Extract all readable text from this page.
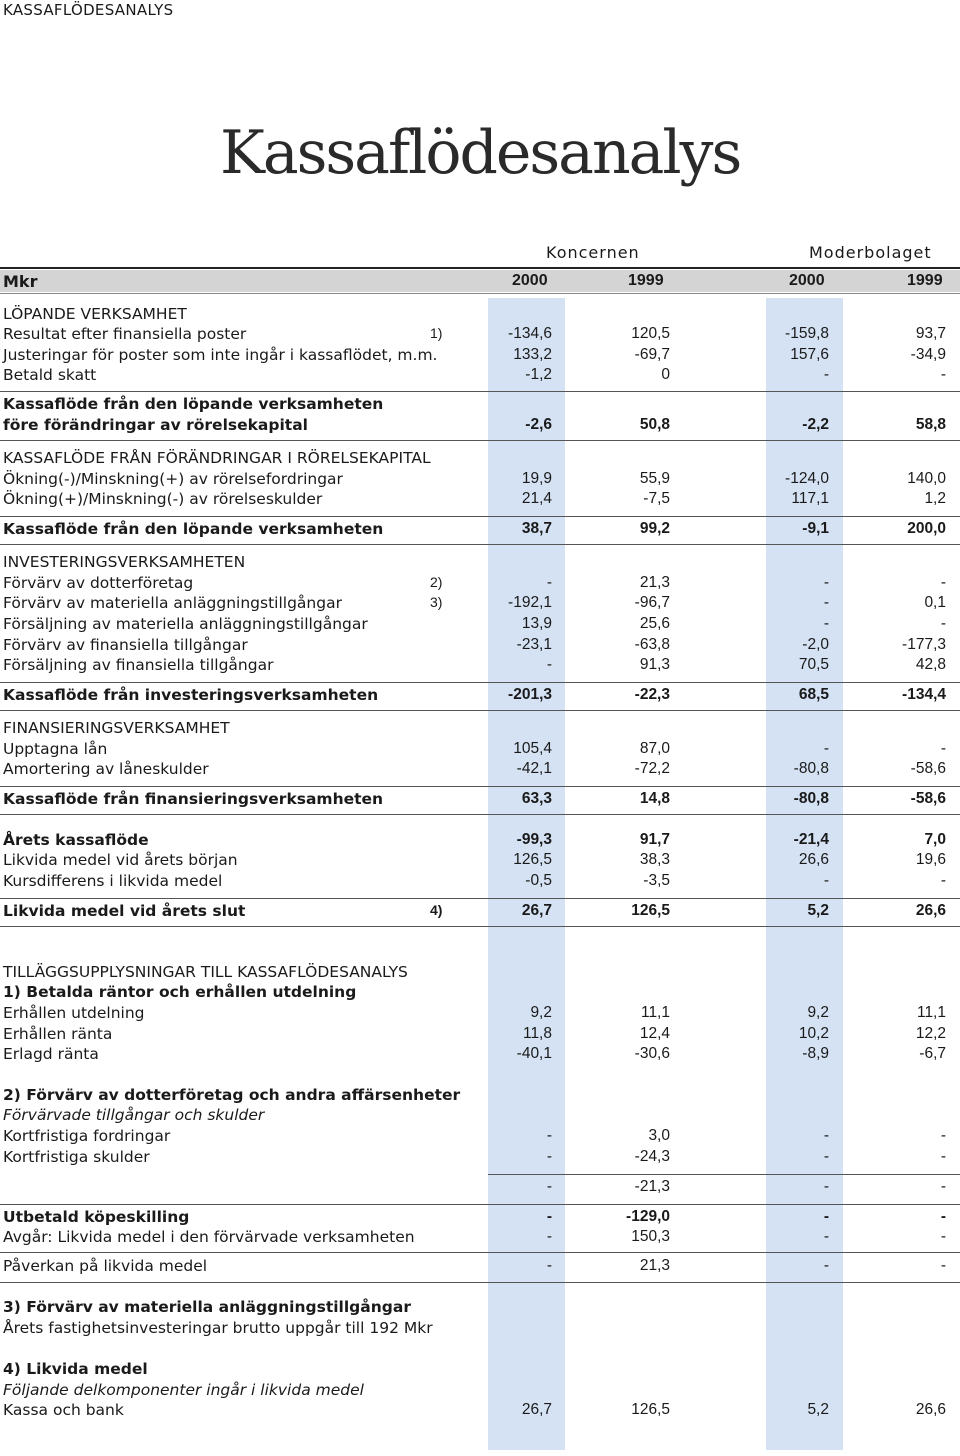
KASSAFLÖDESANALYS
Kassaflödesanalys
Koncernen	Moderbolaget
Mkr	2000	1999	2000	1999
LÖPANDE VERKSAMHET
Resultat efter finansiella poster	1)	-134,6	120,5	-159,8	93,7
Justeringar för poster som inte ingår i kassaflödet, m.m.	133,2	-69,7	157,6	-34,9
Betald skatt	-1,2	0	-	-
Kassaflöde från den löpande verksamheten
före förändringar av rörelsekapital	-2,6	50,8	-2,2	58,8
KASSAFLÖDE FRÅN FÖRÄNDRINGAR I RÖRELSEKAPITAL
Ökning(-)/Minskning(+) av rörelsefordringar	19,9	55,9	-124,0	140,0
Ökning(+)/Minskning(-) av rörelseskulder	21,4	-7,5	117,1	1,2
Kassaflöde från den löpande verksamheten	38,7	99,2	-9,1	200,0
INVESTERINGSVERKSAMHETEN
Förvärv av dotterföretag	2)	-	21,3	-	-
Förvärv av materiella anläggningstillgångar	3)	-192,1	-96,7	-	0,1
Försäljning av materiella anläggningstillgångar	13,9	25,6	-	-
Förvärv av finansiella tillgångar	-23,1	-63,8	-2,0	-177,3
Försäljning av finansiella tillgångar	-	91,3	70,5	42,8
Kassaflöde från investeringsverksamheten	-201,3	-22,3	68,5	-134,4
FINANSIERINGSVERKSAMHET
Upptagna lån	105,4	87,0	-	-
Amortering av låneskulder	-42,1	-72,2	-80,8	-58,6
Kassaflöde från finansieringsverksamheten	63,3	14,8	-80,8	-58,6
Årets kassaflöde	-99,3	91,7	-21,4	7,0
Likvida medel vid årets början	126,5	38,3	26,6	19,6
Kursdifferens i likvida medel	-0,5	-3,5	-	-
Likvida medel vid årets slut	4)	26,7	126,5	5,2	26,6
TILLÄGGSUPPLYSNINGAR TILL KASSAFLÖDESANALYS
1) Betalda räntor och erhållen utdelning
Erhållen utdelning	9,2	11,1	9,2	11,1
Erhållen ränta	11,8	12,4	10,2	12,2
Erlagd ränta	-40,1	-30,6	-8,9	-6,7
2) Förvärv av dotterföretag och andra affärsenheter
Förvärvade tillgångar och skulder
Kortfristiga fordringar	-	3,0	-	-
Kortfristiga skulder	-	-24,3	-	-
-	-21,3	-	-
Utbetald köpeskilling	-	-129,0	-	-
Avgår: Likvida medel i den förvärvade verksamheten	-	150,3	-	-
Påverkan på likvida medel	-	21,3	-	-
3) Förvärv av materiella anläggningstillgångar
Årets fastighetsinvesteringar brutto uppgår till 192 Mkr
4) Likvida medel
Följande delkomponenter ingår i likvida medel
Kassa och bank	26,7	126,5	5,2	26,6
